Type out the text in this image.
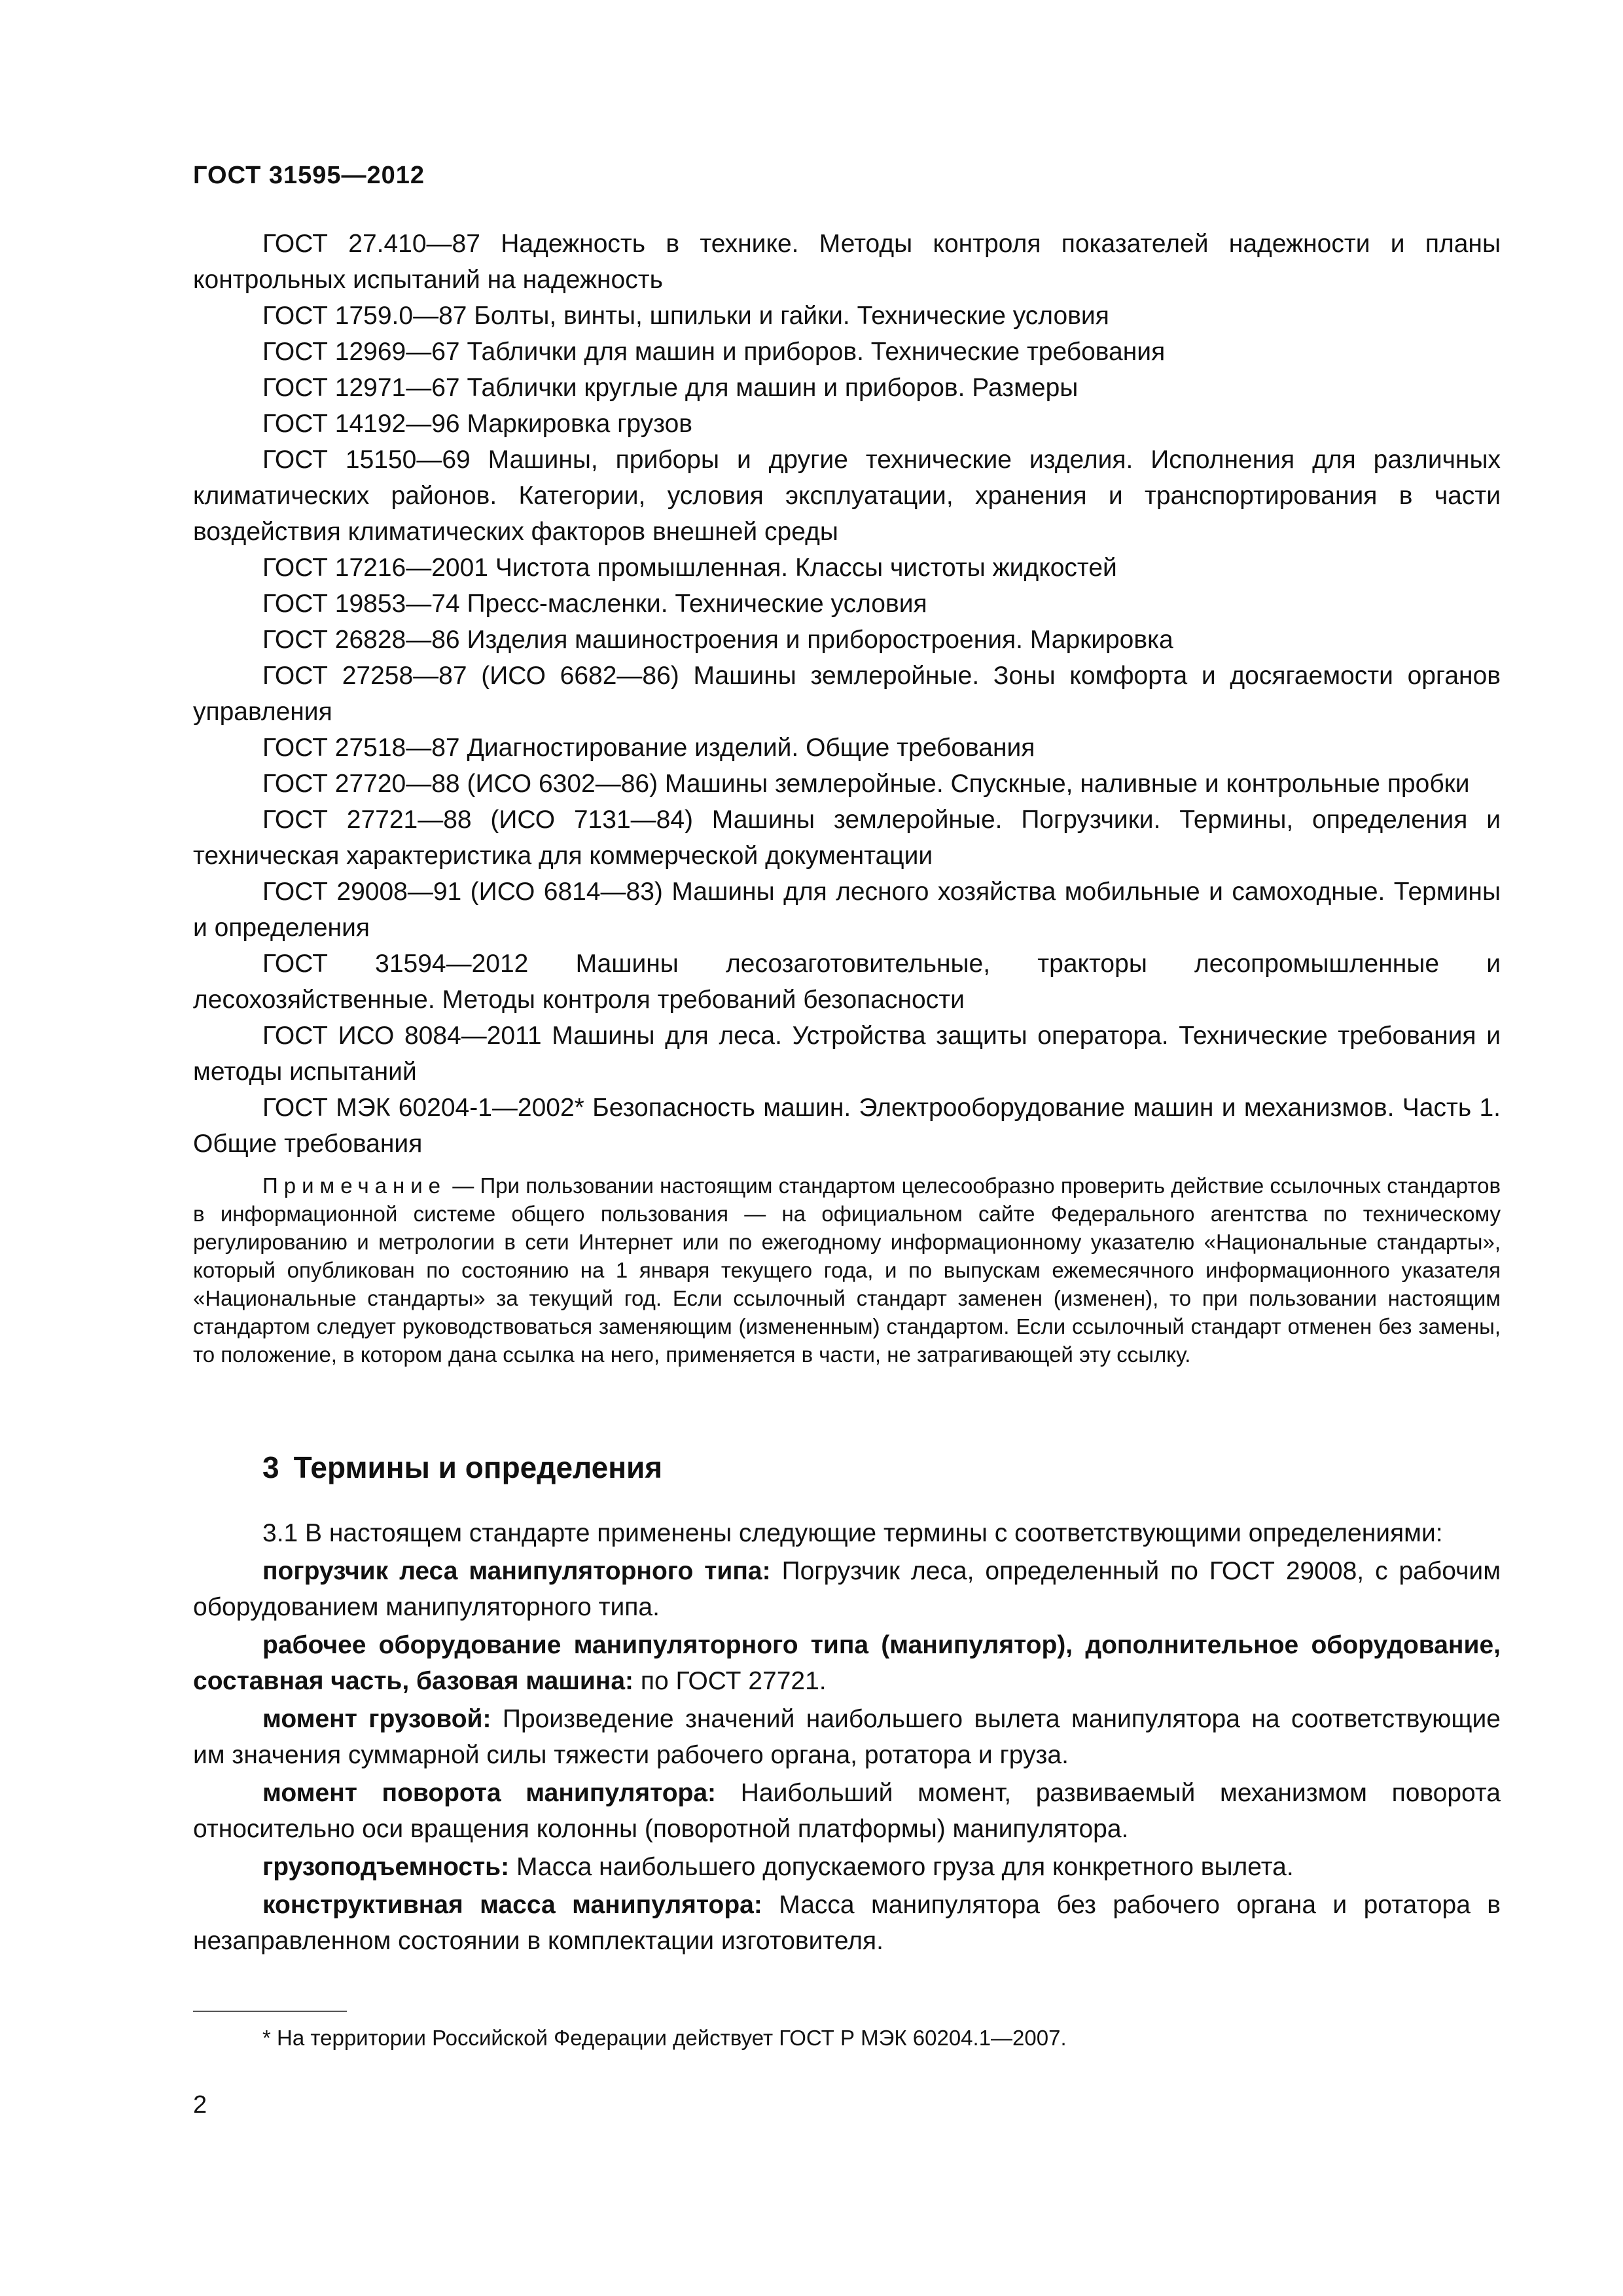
ГОСТ 31595—2012

ГОСТ 27.410—87 Надежность в технике. Методы контроля показателей надежности и планы контрольных испытаний на надежность

ГОСТ 1759.0—87 Болты, винты, шпильки и гайки. Технические условия

ГОСТ 12969—67 Таблички для машин и приборов. Технические требования

ГОСТ 12971—67 Таблички круглые для машин и приборов. Размеры

ГОСТ 14192—96 Маркировка грузов

ГОСТ 15150—69 Машины, приборы и другие технические изделия. Исполнения для различных климатических районов. Категории, условия эксплуатации, хранения и транспортирования в части воздействия климатических факторов внешней среды

ГОСТ 17216—2001 Чистота промышленная. Классы чистоты жидкостей

ГОСТ 19853—74 Пресс-масленки. Технические условия

ГОСТ 26828—86 Изделия машиностроения и приборостроения. Маркировка

ГОСТ 27258—87 (ИСО 6682—86) Машины землеройные. Зоны комфорта и досягаемости органов управления

ГОСТ 27518—87 Диагностирование изделий. Общие требования

ГОСТ 27720—88 (ИСО 6302—86) Машины землеройные. Спускные, наливные и контрольные пробки

ГОСТ 27721—88 (ИСО 7131—84) Машины землеройные. Погрузчики. Термины, определения и техническая характеристика для коммерческой документации

ГОСТ 29008—91 (ИСО 6814—83) Машины для лесного хозяйства мобильные и самоходные. Термины и определения

ГОСТ 31594—2012 Машины лесозаготовительные, тракторы лесопромышленные и лесохозяйственные. Методы контроля требований безопасности

ГОСТ ИСО 8084—2011 Машины для леса. Устройства защиты оператора. Технические требования и методы испытаний

ГОСТ МЭК 60204-1—2002* Безопасность машин. Электрооборудование машин и механизмов. Часть 1. Общие требования

Примечание — При пользовании настоящим стандартом целесообразно проверить действие ссылочных стандартов в информационной системе общего пользования — на официальном сайте Федерального агентства по техническому регулированию и метрологии в сети Интернет или по ежегодному информационному указателю «Национальные стандарты», который опубликован по состоянию на 1 января текущего года, и по выпускам ежемесячного информационного указателя «Национальные стандарты» за текущий год. Если ссылочный стандарт заменен (изменен), то при пользовании настоящим стандартом следует руководствоваться заменяющим (измененным) стандартом. Если ссылочный стандарт отменен без замены, то положение, в котором дана ссылка на него, применяется в части, не затрагивающей эту ссылку.

3 Термины и определения

3.1 В настоящем стандарте применены следующие термины с соответствующими определениями:

погрузчик леса манипуляторного типа: Погрузчик леса, определенный по ГОСТ 29008, с рабочим оборудованием манипуляторного типа.

рабочее оборудование манипуляторного типа (манипулятор), дополнительное оборудование, составная часть, базовая машина: по ГОСТ 27721.

момент грузовой: Произведение значений наибольшего вылета манипулятора на соответствующие им значения суммарной силы тяжести рабочего органа, ротатора и груза.

момент поворота манипулятора: Наибольший момент, развиваемый механизмом поворота относительно оси вращения колонны (поворотной платформы) манипулятора.

грузоподъемность: Масса наибольшего допускаемого груза для конкретного вылета.

конструктивная масса манипулятора: Масса манипулятора без рабочего органа и ротатора в незаправленном состоянии в комплектации изготовителя.

* На территории Российской Федерации действует ГОСТ Р МЭК 60204.1—2007.

2
